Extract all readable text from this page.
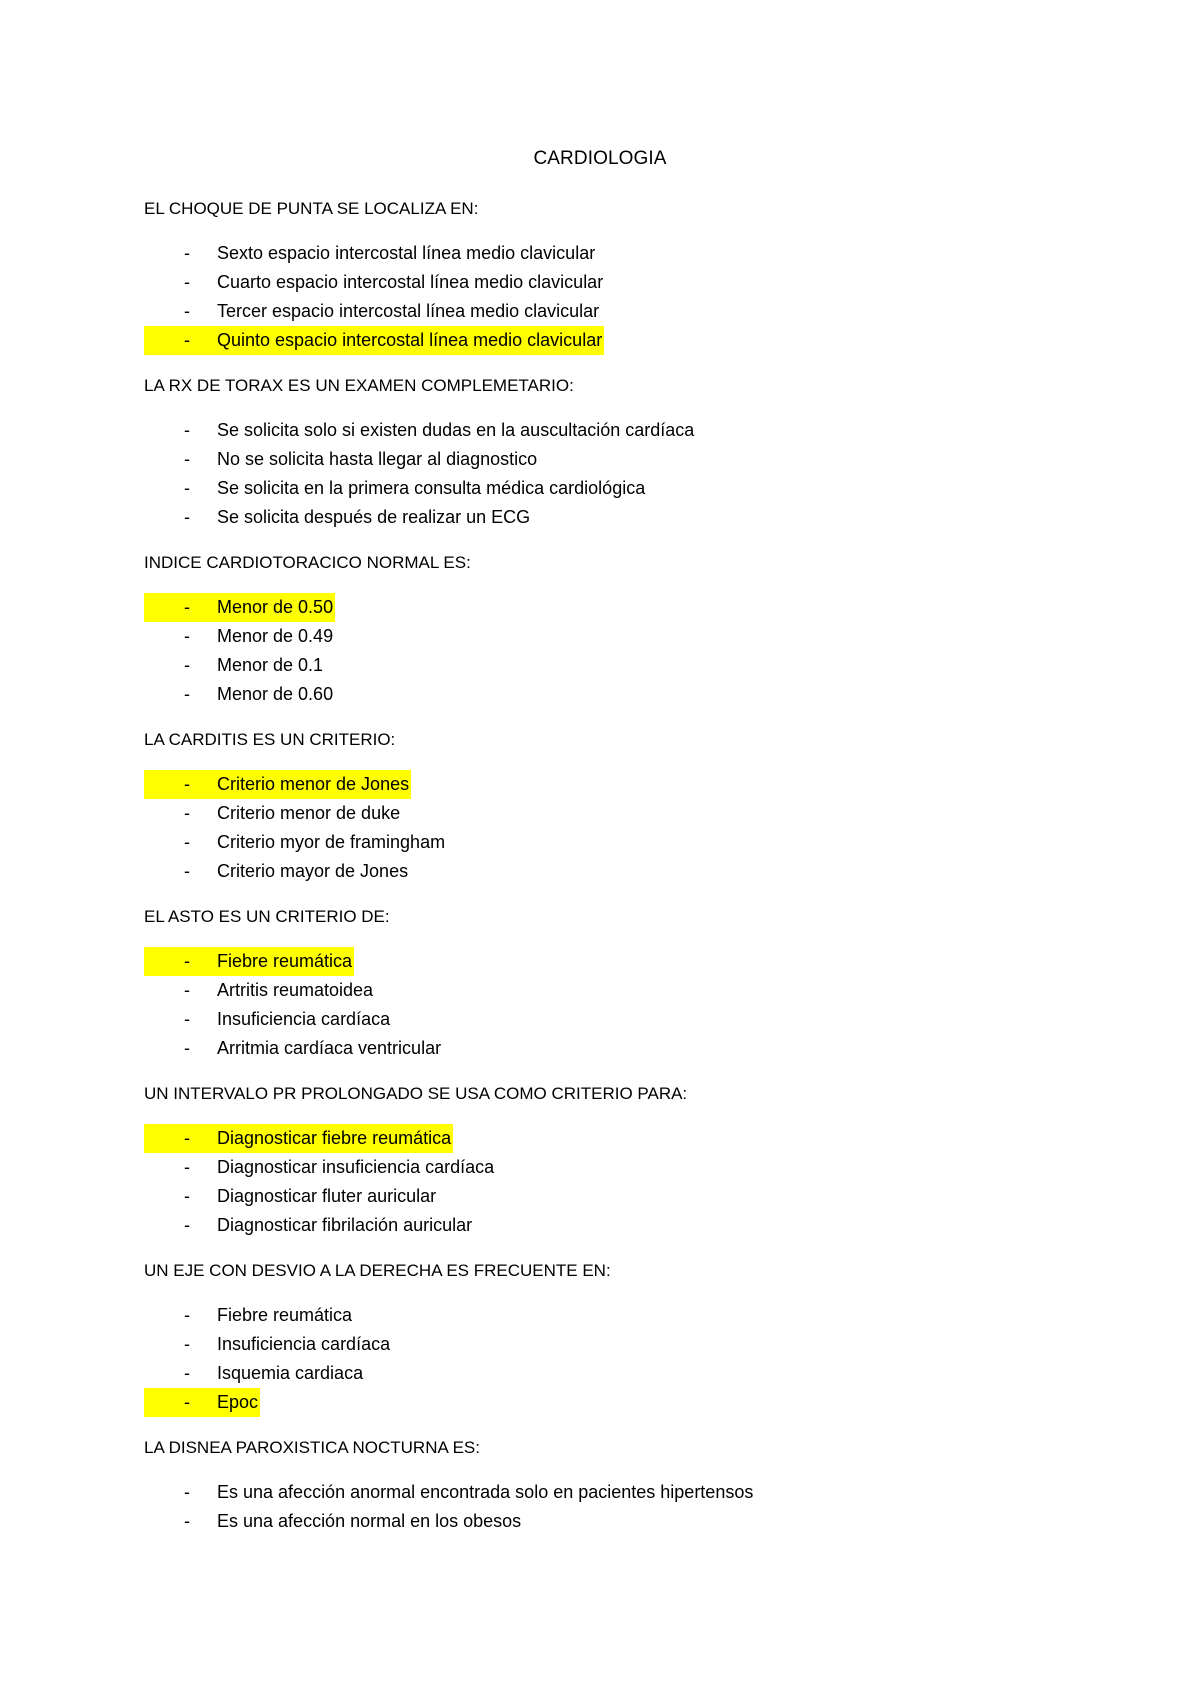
CARDIOLOGIA

EL CHOQUE DE PUNTA SE LOCALIZA EN:

- Sexto espacio intercostal línea medio clavicular
- Cuarto espacio intercostal línea medio clavicular
- Tercer espacio intercostal línea medio clavicular
- Quinto espacio intercostal línea medio clavicular

LA RX DE TORAX ES UN EXAMEN COMPLEMETARIO:

- Se solicita solo si existen dudas en la auscultación cardíaca
- No se solicita hasta llegar al diagnostico
- Se solicita en la primera consulta médica cardiológica
- Se solicita después de realizar un ECG

INDICE CARDIOTORACICO NORMAL ES:

- Menor de 0.50
- Menor de 0.49
- Menor de 0.1
- Menor de 0.60

LA CARDITIS ES UN CRITERIO:

- Criterio menor de Jones
- Criterio menor de duke
- Criterio myor de framingham
- Criterio mayor de Jones

EL ASTO ES UN CRITERIO DE:

- Fiebre reumática
- Artritis reumatoidea
- Insuficiencia cardíaca
- Arritmia cardíaca ventricular

UN INTERVALO PR PROLONGADO SE USA COMO CRITERIO PARA:

- Diagnosticar fiebre reumática
- Diagnosticar insuficiencia cardíaca
- Diagnosticar fluter auricular
- Diagnosticar fibrilación auricular

UN EJE CON DESVIO A LA DERECHA ES FRECUENTE EN:

- Fiebre reumática
- Insuficiencia cardíaca
- Isquemia cardiaca
- Epoc

LA DISNEA PAROXISTICA NOCTURNA ES:

- Es una afección anormal encontrada solo en pacientes hipertensos
- Es una afección normal en los obesos
